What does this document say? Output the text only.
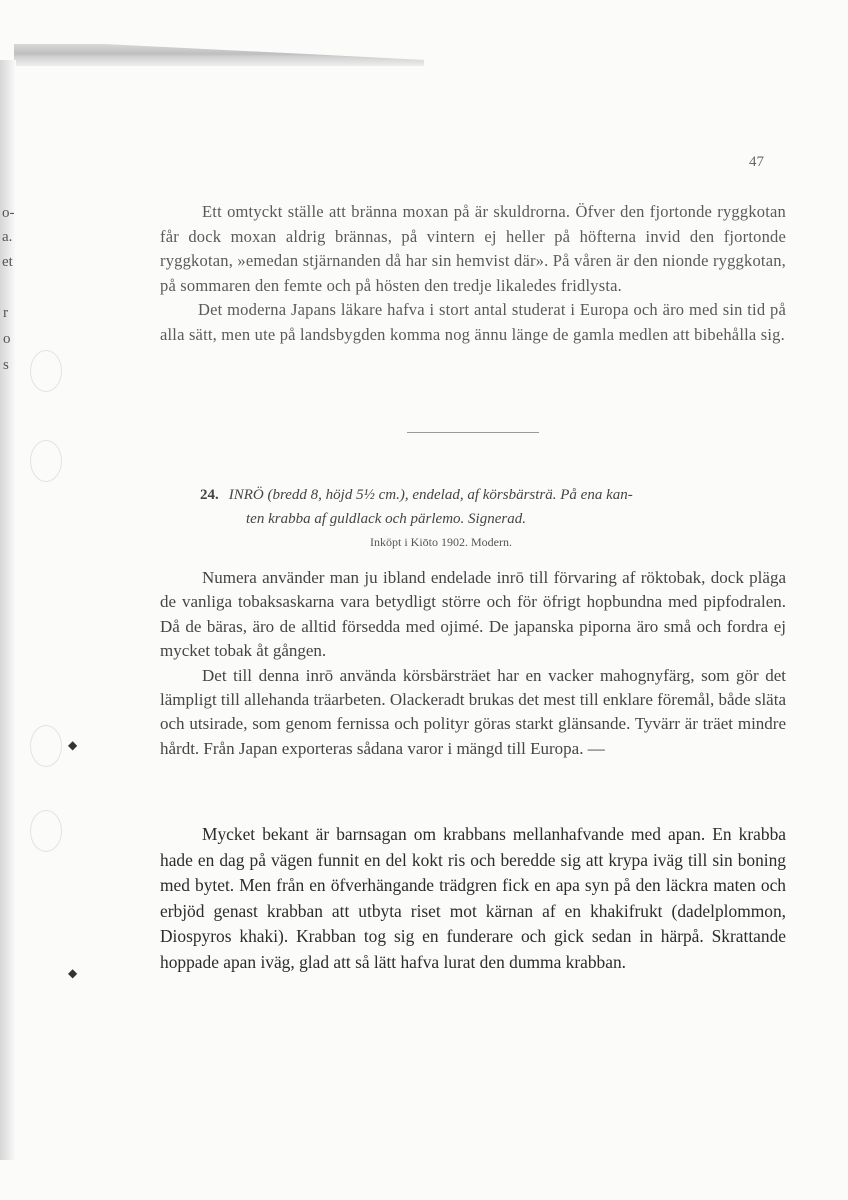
o-
a.
et
r
o
s
◆
◆
47

Ett omtyckt ställe att bränna moxan på är skuldrorna. Öfver den fjortonde ryggkotan får dock moxan aldrig brännas, på vintern ej heller på höfterna invid den fjortonde ryggkotan, »emedan stjärnanden då har sin hemvist där». På våren är den nionde ryggkotan, på sommaren den femte och på hösten den tredje likaledes fridlysta.

Det moderna Japans läkare hafva i stort antal studerat i Europa och äro med sin tid på alla sätt, men ute på landsbygden komma nog ännu länge de gamla medlen att bibehålla sig.

24. INRÖ (bredd 8, höjd 5½ cm.), endelad, af körsbärsträ. På ena kan-
ten krabba af guldlack och pärlemo. Signerad.
Inköpt i Kiōto 1902. Modern.

Numera använder man ju ibland endelade inrō till förvaring af röktobak, dock pläga de vanliga tobaksaskarna vara betydligt större och för öfrigt hopbundna med pipfodralen. Då de bäras, äro de alltid försedda med ojimé. De japanska piporna äro små och fordra ej mycket tobak åt gången.

Det till denna inrō använda körsbärsträet har en vacker mahognyfärg, som gör det lämpligt till allehanda träarbeten. Olackeradt brukas det mest till enklare föremål, både släta och utsirade, som genom fernissa och polityr göras starkt glänsande. Tyvärr är träet mindre hårdt. Från Japan exporteras sådana varor i mängd till Europa. —

Mycket bekant är barnsagan om krabbans mellanhafvande med apan. En krabba hade en dag på vägen funnit en del kokt ris och beredde sig att krypa iväg till sin boning med bytet. Men från en öfverhängande trädgren fick en apa syn på den läckra maten och erbjöd genast krabban att utbyta riset mot kärnan af en khakifrukt (dadelplommon, Diospyros khaki). Krabban tog sig en funderare och gick sedan in härpå. Skrattande hoppade apan iväg, glad att så lätt hafva lurat den dumma krabban.
